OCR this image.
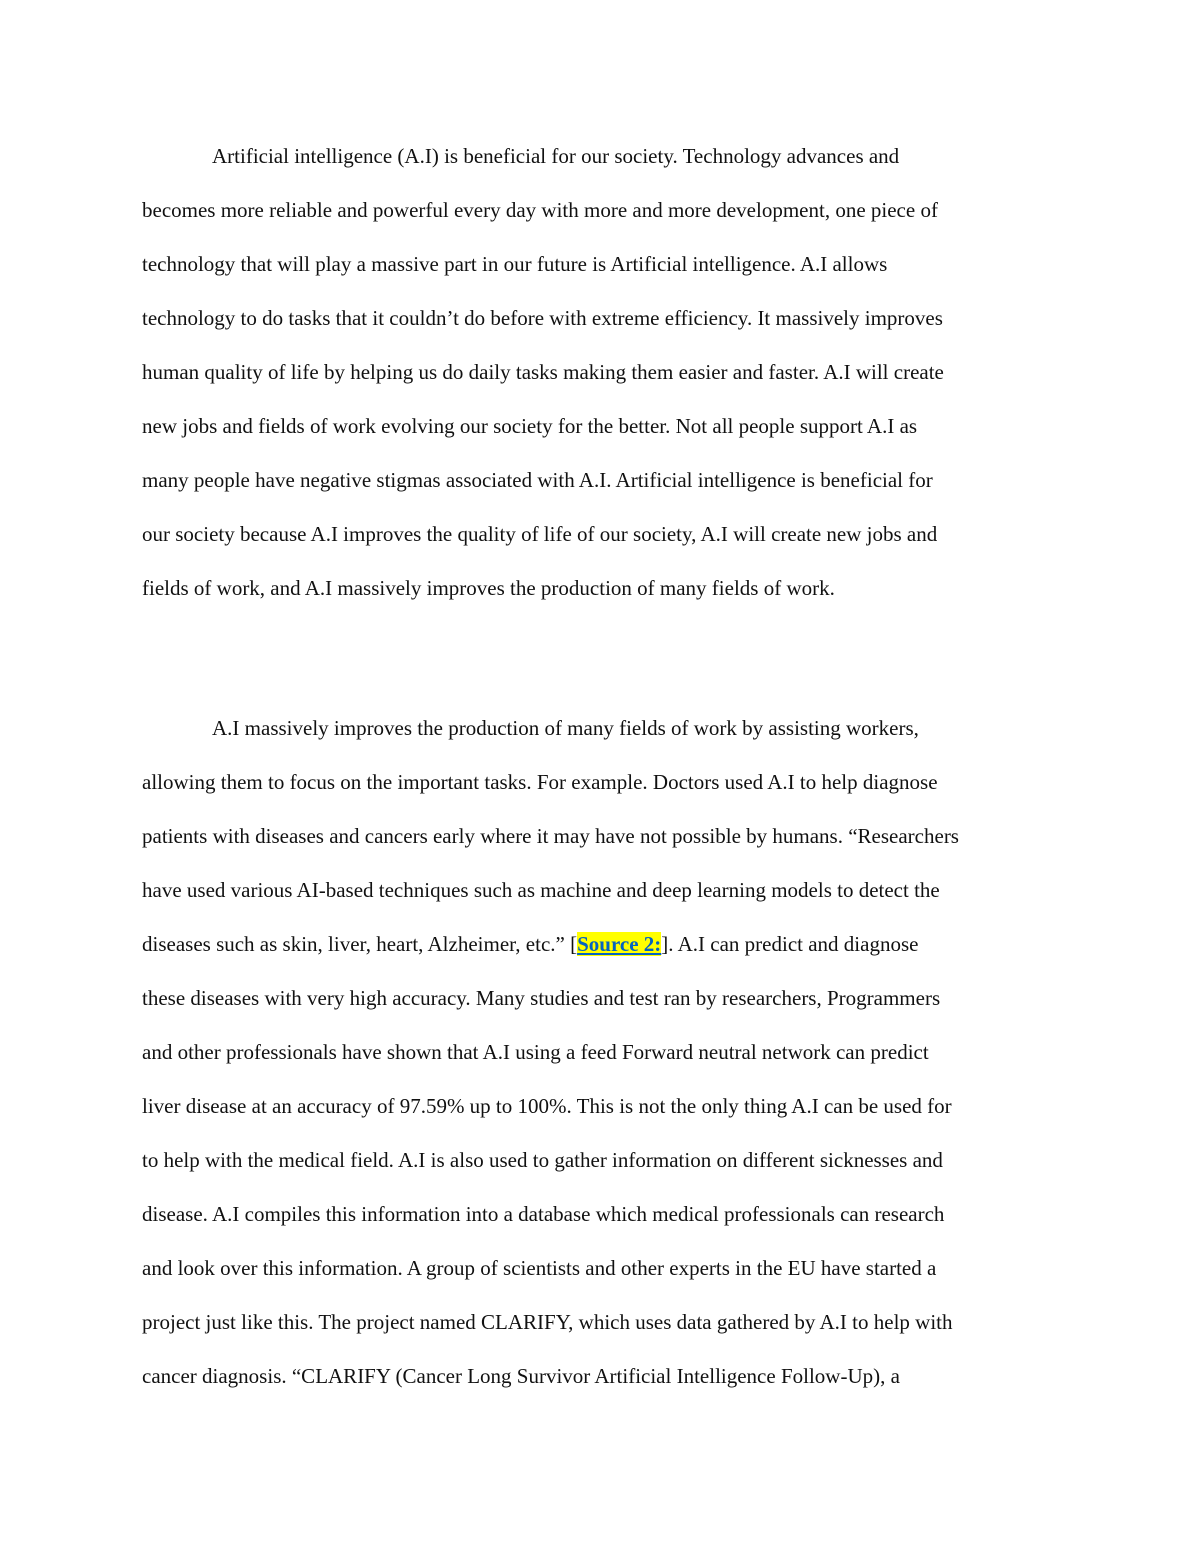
Artificial intelligence (A.I) is beneficial for our society. Technology advances and

becomes more reliable and powerful every day with more and more development, one piece of

technology that will play a massive part in our future is Artificial intelligence. A.I allows

technology to do tasks that it couldn’t do before with extreme efficiency. It massively improves

human quality of life by helping us do daily tasks making them easier and faster. A.I will create

new jobs and fields of work evolving our society for the better. Not all people support A.I as

many people have negative stigmas associated with A.I. Artificial intelligence is beneficial for

our society because A.I improves the quality of life of our society, A.I will create new jobs and

fields of work, and A.I massively improves the production of many fields of work.

A.I massively improves the production of many fields of work by assisting workers,

allowing them to focus on the important tasks. For example. Doctors used A.I to help diagnose

patients with diseases and cancers early where it may have not possible by humans. “Researchers

have used various AI-based techniques such as machine and deep learning models to detect the

diseases such as skin, liver, heart, Alzheimer, etc.” [Source 2:]. A.I can predict and diagnose

these diseases with very high accuracy. Many studies and test ran by researchers, Programmers

and other professionals have shown that A.I using a feed Forward neutral network can predict

liver disease at an accuracy of 97.59% up to 100%. This is not the only thing A.I can be used for

to help with the medical field. A.I is also used to gather information on different sicknesses and

disease. A.I compiles this information into a database which medical professionals can research

and look over this information. A group of scientists and other experts in the EU have started a

project just like this. The project named CLARIFY, which uses data gathered by A.I to help with

cancer diagnosis. “CLARIFY (Cancer Long Survivor Artificial Intelligence Follow-Up), a
